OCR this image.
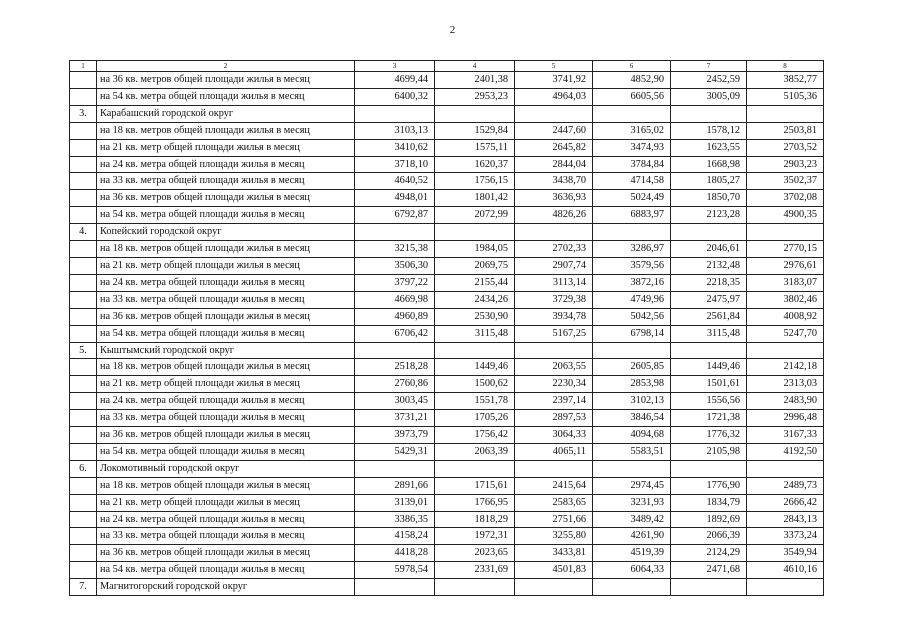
2
1	2	3	4	5	6	7	8
	на 36 кв. метров общей площади жилья в месяц	4699,44	2401,38	3741,92	4852,90	2452,59	3852,77
	на 54 кв. метра общей площади жилья в месяц	6400,32	2953,23	4964,03	6605,56	3005,09	5105,36
3.	Карабашский городской округ						
	на 18 кв. метров общей площади жилья в месяц	3103,13	1529,84	2447,60	3165,02	1578,12	2503,81
	на 21 кв. метр общей площади жилья в месяц	3410,62	1575,11	2645,82	3474,93	1623,55	2703,52
	на 24 кв. метра общей площади жилья в месяц	3718,10	1620,37	2844,04	3784,84	1668,98	2903,23
	на 33 кв. метра общей площади жилья в месяц	4640,52	1756,15	3438,70	4714,58	1805,27	3502,37
	на 36 кв. метров общей площади жилья в месяц	4948,01	1801,42	3636,93	5024,49	1850,70	3702,08
	на 54 кв. метра общей площади жилья в месяц	6792,87	2072,99	4826,26	6883,97	2123,28	4900,35
4.	Копейский городской округ						
	на 18 кв. метров общей площади жилья в месяц	3215,38	1984,05	2702,33	3286,97	2046,61	2770,15
	на 21 кв. метр общей площади жилья в месяц	3506,30	2069,75	2907,74	3579,56	2132,48	2976,61
	на 24 кв. метра общей площади жилья в месяц	3797,22	2155,44	3113,14	3872,16	2218,35	3183,07
	на 33 кв. метра общей площади жилья в месяц	4669,98	2434,26	3729,38	4749,96	2475,97	3802,46
	на 36 кв. метров общей площади жилья в месяц	4960,89	2530,90	3934,78	5042,56	2561,84	4008,92
	на 54 кв. метра общей площади жилья в месяц	6706,42	3115,48	5167,25	6798,14	3115,48	5247,70
5.	Кыштымский городской округ						
	на 18 кв. метров общей площади жилья в месяц	2518,28	1449,46	2063,55	2605,85	1449,46	2142,18
	на 21 кв. метр общей площади жилья в месяц	2760,86	1500,62	2230,34	2853,98	1501,61	2313,03
	на 24 кв. метра общей площади жилья в месяц	3003,45	1551,78	2397,14	3102,13	1556,56	2483,90
	на 33 кв. метра общей площади жилья в месяц	3731,21	1705,26	2897,53	3846,54	1721,38	2996,48
	на 36 кв. метров общей площади жилья в месяц	3973,79	1756,42	3064,33	4094,68	1776,32	3167,33
	на 54 кв. метра общей площади жилья в месяц	5429,31	2063,39	4065,11	5583,51	2105,98	4192,50
6.	Локомотивный городской округ						
	на 18 кв. метров общей площади жилья в месяц	2891,66	1715,61	2415,64	2974,45	1776,90	2489,73
	на 21 кв. метр общей площади жилья в месяц	3139,01	1766,95	2583,65	3231,93	1834,79	2666,42
	на 24 кв. метра общей площади жилья в месяц	3386,35	1818,29	2751,66	3489,42	1892,69	2843,13
	на 33 кв. метра общей площади жилья в месяц	4158,24	1972,31	3255,80	4261,90	2066,39	3373,24
	на 36 кв. метров общей площади жилья в месяц	4418,28	2023,65	3433,81	4519,39	2124,29	3549,94
	на 54 кв. метра общей площади жилья в месяц	5978,54	2331,69	4501,83	6064,33	2471,68	4610,16
7.	Магнитогорский городской округ						
